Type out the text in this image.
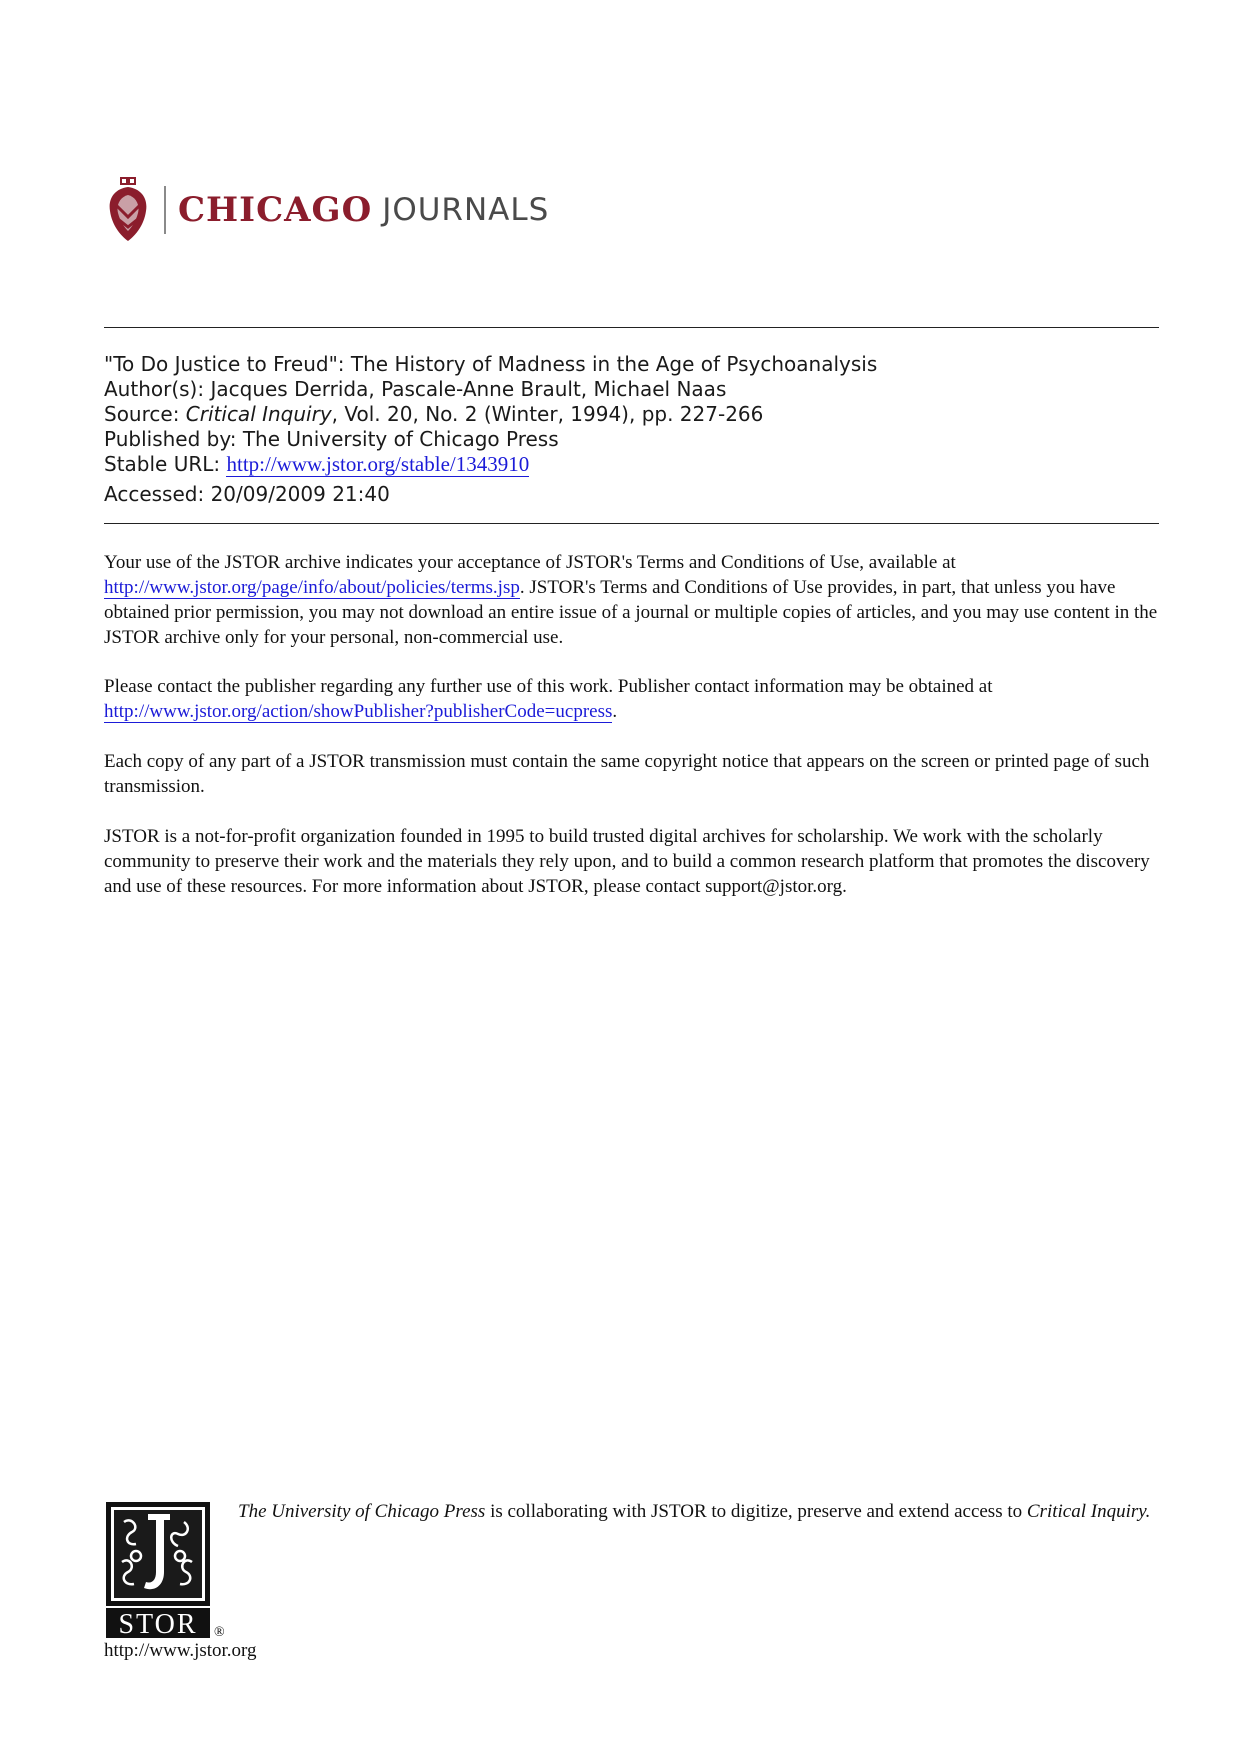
CHICAGO JOURNALS
"To Do Justice to Freud": The History of Madness in the Age of Psychoanalysis
Author(s): Jacques Derrida, Pascale-Anne Brault, Michael Naas
Source: Critical Inquiry, Vol. 20, No. 2 (Winter, 1994), pp. 227-266
Published by: The University of Chicago Press
Stable URL: http://www.jstor.org/stable/1343910
Accessed: 20/09/2009 21:40

Your use of the JSTOR archive indicates your acceptance of JSTOR's Terms and Conditions of Use, available at http://www.jstor.org/page/info/about/policies/terms.jsp. JSTOR's Terms and Conditions of Use provides, in part, that unless you have obtained prior permission, you may not download an entire issue of a journal or multiple copies of articles, and you may use content in the JSTOR archive only for your personal, non-commercial use.

Please contact the publisher regarding any further use of this work. Publisher contact information may be obtained at http://www.jstor.org/action/showPublisher?publisherCode=ucpress.

Each copy of any part of a JSTOR transmission must contain the same copyright notice that appears on the screen or printed page of such transmission.

JSTOR is a not-for-profit organization founded in 1995 to build trusted digital archives for scholarship. We work with the scholarly community to preserve their work and the materials they rely upon, and to build a common research platform that promotes the discovery and use of these resources. For more information about JSTOR, please contact support@jstor.org.

STOR ®
The University of Chicago Press is collaborating with JSTOR to digitize, preserve and extend access to Critical Inquiry.
http://www.jstor.org
